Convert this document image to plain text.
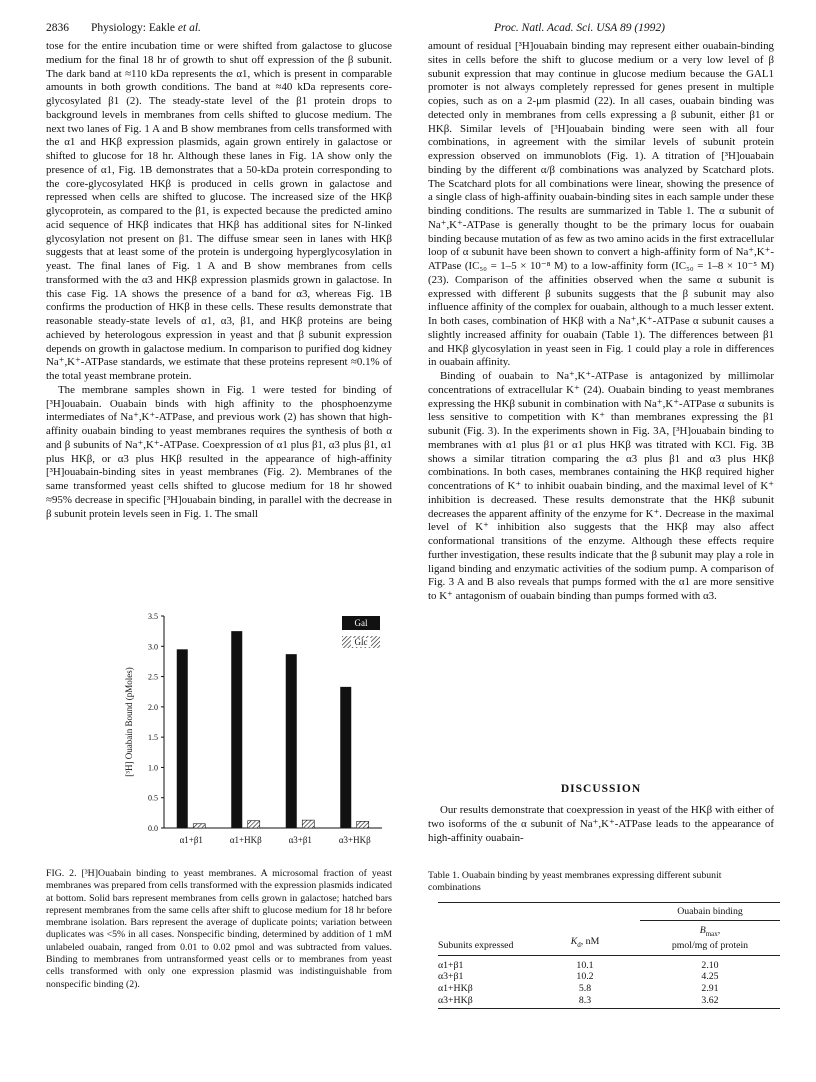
2836 Physiology: Eakle et al.	Proc. Natl. Acad. Sci. USA 89 (1992)

tose for the entire incubation time or were shifted from galactose to glucose medium for the final 18 hr of growth to shut off expression of the β subunit. The dark band at ≈110 kDa represents the α1, which is present in comparable amounts in both growth conditions. The band at ≈40 kDa represents core-glycosylated β1 (2). The steady-state level of the β1 protein drops to background levels in membranes from cells shifted to glucose medium. The next two lanes of Fig. 1 A and B show membranes from cells transformed with the α1 and HKβ expression plasmids, again grown entirely in galactose or shifted to glucose for 18 hr. Although these lanes in Fig. 1A show only the presence of α1, Fig. 1B demonstrates that a 50-kDa protein corresponding to the core-glycosylated HKβ is produced in cells grown in galactose and repressed when cells are shifted to glucose. The increased size of the HKβ glycoprotein, as compared to the β1, is expected because the predicted amino acid sequence of HKβ indicates that HKβ has additional sites for N-linked glycosylation not present on β1. The diffuse smear seen in lanes with HKβ suggests that at least some of the protein is undergoing hyperglycosylation in yeast. The final lanes of Fig. 1 A and B show membranes from cells transformed with the α3 and HKβ expression plasmids grown in galactose. In this case Fig. 1A shows the presence of a band for α3, whereas Fig. 1B confirms the production of HKβ in these cells. These results demonstrate that reasonable steady-state levels of α1, α3, β1, and HKβ proteins are being achieved by heterologous expression in yeast and that β subunit expression depends on growth in galactose medium. In comparison to purified dog kidney Na⁺,K⁺-ATPase standards, we estimate that these proteins represent ≈0.1% of the total yeast membrane protein.

The membrane samples shown in Fig. 1 were tested for binding of [³H]ouabain. Ouabain binds with high affinity to the phosphoenzyme intermediates of Na⁺,K⁺-ATPase, and previous work (2) has shown that high-affinity ouabain binding to yeast membranes requires the synthesis of both α and β subunits of Na⁺,K⁺-ATPase. Coexpression of α1 plus β1, α3 plus β1, α1 plus HKβ, or α3 plus HKβ resulted in the appearance of high-affinity [³H]ouabain-binding sites in yeast membranes (Fig. 2). Membranes of the same transformed yeast cells shifted to glucose medium for 18 hr showed ≈95% decrease in specific [³H]ouabain binding, in parallel with the decrease in β subunit protein levels seen in Fig. 1. The small

0.0
0.5
1.0
1.5
2.0
2.5
3.0
3.5
[³H] Ouabain Bound (pMoles)
α1+β1	α1+HKβ	α3+β1	α3+HKβ
Gal
Glc

FIG. 2. [³H]Ouabain binding to yeast membranes. A microsomal fraction of yeast membranes was prepared from cells transformed with the expression plasmids indicated at bottom. Solid bars represent membranes from cells grown in galactose; hatched bars represent membranes from the same cells after shift to glucose medium for 18 hr before membrane isolation. Bars represent the average of duplicate points; variation between duplicates was <5% in all cases. Nonspecific binding, determined by addition of 1 mM unlabeled ouabain, ranged from 0.01 to 0.02 pmol and was subtracted from values. Binding to membranes from untransformed yeast cells or to membranes from yeast cells transformed with only one expression plasmid was indistinguishable from nonspecific binding (2).

amount of residual [³H]ouabain binding may represent either ouabain-binding sites in cells before the shift to glucose medium or a very low level of β subunit expression that may continue in glucose medium because the GAL1 promoter is not always completely repressed for genes present in multiple copies, such as on a 2-μm plasmid (22). In all cases, ouabain binding was detected only in membranes from cells expressing a β subunit, either β1 or HKβ. Similar levels of [³H]ouabain binding were seen with all four combinations, in agreement with the similar levels of subunit protein expression observed on immunoblots (Fig. 1). A titration of [³H]ouabain binding by the different α/β combinations was analyzed by Scatchard plots. The Scatchard plots for all combinations were linear, showing the presence of a single class of high-affinity ouabain-binding sites in each sample under these binding conditions. The results are summarized in Table 1. The α subunit of Na⁺,K⁺-ATPase is generally thought to be the primary locus for ouabain binding because mutation of as few as two amino acids in the first extracellular loop of α subunit have been shown to convert a high-affinity form of Na⁺,K⁺-ATPase (IC₅₀ = 1–5 × 10⁻⁸ M) to a low-affinity form (IC₅₀ = 1–8 × 10⁻⁵ M) (23). Comparison of the affinities observed when the same α subunit is expressed with different β subunits suggests that the β subunit may also influence affinity of the complex for ouabain, although to a much lesser extent. In both cases, combination of HKβ with a Na⁺,K⁺-ATPase α subunit causes a slightly increased affinity for ouabain (Table 1). The differences between β1 and HKβ glycosylation in yeast seen in Fig. 1 could play a role in differences in ouabain affinity.

Binding of ouabain to Na⁺,K⁺-ATPase is antagonized by millimolar concentrations of extracellular K⁺ (24). Ouabain binding to yeast membranes expressing the HKβ subunit in combination with Na⁺,K⁺-ATPase α subunits is less sensitive to competition with K⁺ than membranes expressing the β1 subunit (Fig. 3). In the experiments shown in Fig. 3A, [³H]ouabain binding to membranes with α1 plus β1 or α1 plus HKβ was titrated with KCl. Fig. 3B shows a similar titration comparing the α3 plus β1 and α3 plus HKβ combinations. In both cases, membranes containing the HKβ required higher concentrations of K⁺ to inhibit ouabain binding, and the maximal level of K⁺ inhibition is decreased. These results demonstrate that the HKβ subunit decreases the apparent affinity of the enzyme for K⁺. Decrease in the maximal level of K⁺ inhibition also suggests that the HKβ may also affect conformational transitions of the enzyme. Although these effects require further investigation, these results indicate that the β subunit may play a role in ligand binding and enzymatic activities of the sodium pump. A comparison of Fig. 3 A and B also reveals that pumps formed with the α1 are more sensitive to K⁺ antagonism of ouabain binding than pumps formed with α3.

DISCUSSION

Our results demonstrate that coexpression in yeast of the HKβ with either of two isoforms of the α subunit of Na⁺,K⁺-ATPase leads to the appearance of high-affinity ouabain-

Table 1. Ouabain binding by yeast membranes expressing different subunit combinations
		Ouabain binding
Subunits expressed	$K_d$, nM	$B_{max}$,
pmol/mg of protein
α1+β1	10.1	2.10
α3+β1	10.2	4.25
α1+HKβ	5.8	2.91
α3+HKβ	8.3	3.62
